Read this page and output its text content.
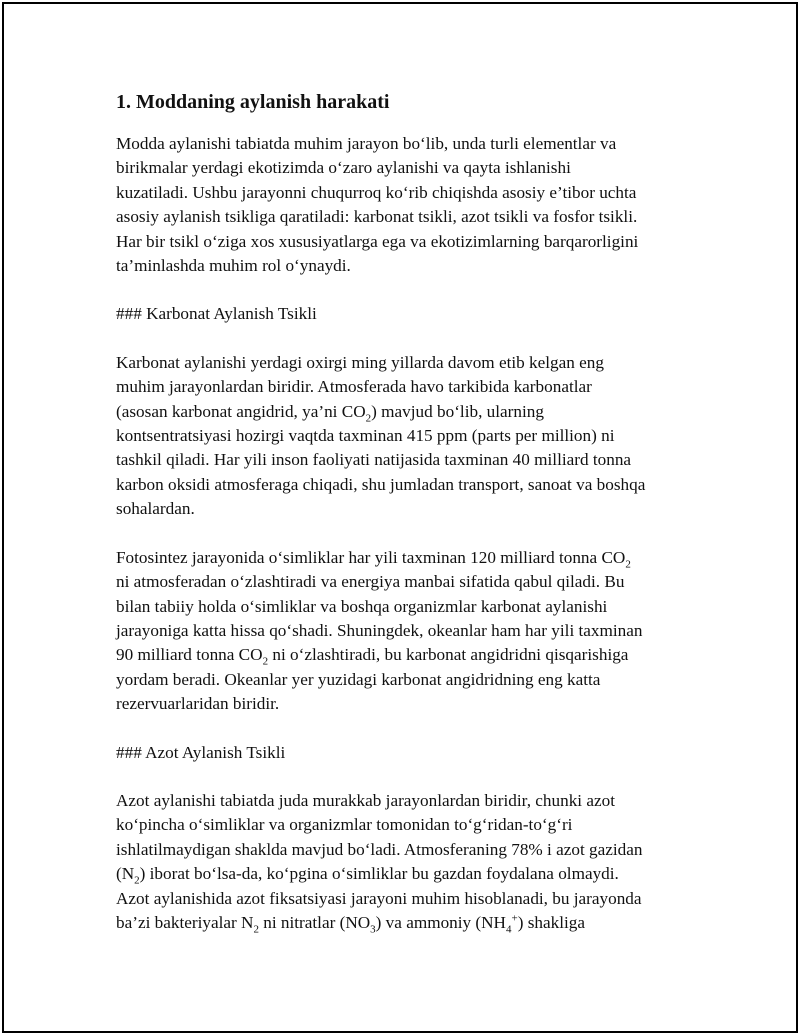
1. Moddaning aylanish harakati
Modda aylanishi tabiatda muhim jarayon bo‘lib, unda turli elementlar va
birikmalar yerdagi ekotizimda o‘zaro aylanishi va qayta ishlanishi
kuzatiladi. Ushbu jarayonni chuqurroq ko‘rib chiqishda asosiy e’tibor uchta
asosiy aylanish tsikliga qaratiladi: karbonat tsikli, azot tsikli va fosfor tsikli.
Har bir tsikl o‘ziga xos xususiyatlarga ega va ekotizimlarning barqarorligini
ta’minlashda muhim rol o‘ynaydi.
### Karbonat Aylanish Tsikli
Karbonat aylanishi yerdagi oxirgi ming yillarda davom etib kelgan eng
muhim jarayonlardan biridir. Atmosferada havo tarkibida karbonatlar
(asosan karbonat angidrid, ya’ni $CO_2$) mavjud bo‘lib, ularning
kontsentratsiyasi hozirgi vaqtda taxminan 415 ppm (parts per million) ni
tashkil qiladi. Har yili inson faoliyati natijasida taxminan 40 milliard tonna
karbon oksidi atmosferaga chiqadi, shu jumladan transport, sanoat va boshqa
sohalardan.
Fotosintez jarayonida o‘simliklar har yili taxminan 120 milliard tonna $CO_2$
ni atmosferadan o‘zlashtiradi va energiya manbai sifatida qabul qiladi. Bu
bilan tabiiy holda o‘simliklar va boshqa organizmlar karbonat aylanishi
jarayoniga katta hissa qo‘shadi. Shuningdek, okeanlar ham har yili taxminan
90 milliard tonna $CO_2$ ni o‘zlashtiradi, bu karbonat angidridni qisqarishiga
yordam beradi. Okeanlar yer yuzidagi karbonat angidridning eng katta
rezervuarlaridan biridir.
### Azot Aylanish Tsikli
Azot aylanishi tabiatda juda murakkab jarayonlardan biridir, chunki azot
ko‘pincha o‘simliklar va organizmlar tomonidan to‘g‘ridan-to‘g‘ri
ishlatilmaydigan shaklda mavjud bo‘ladi. Atmosferaning 78% i azot gazidan
$(N_2)$ iborat bo‘lsa-da, ko‘pgina o‘simliklar bu gazdan foydalana olmaydi.
Azot aylanishida azot fiksatsiyasi jarayoni muhim hisoblanadi, bu jarayonda
ba’zi bakteriyalar $N_2$ ni nitratlar $(NO_3)$ va ammoniy $(NH_4^+)$ shakliga
